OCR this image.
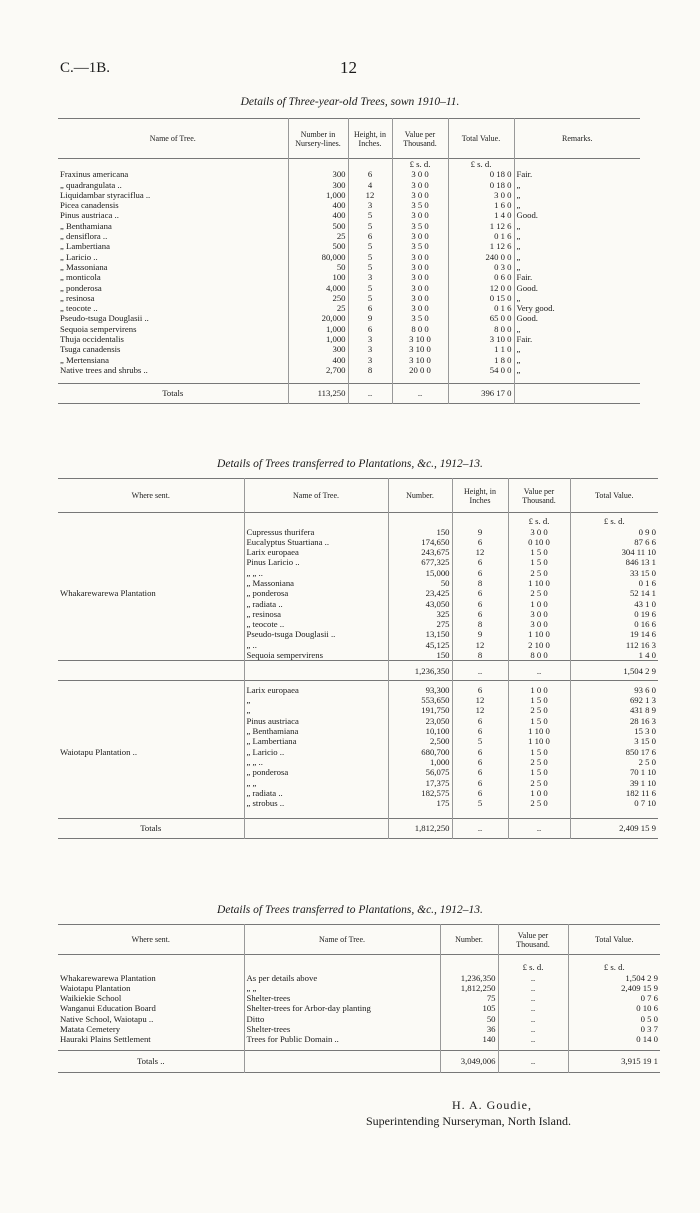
C.—1B.	12
Details of Three-year-old Trees, sown 1910–11.
Name of Tree.	Number in Nursery-lines.	Height, in Inches.	Value per Thousand.	Total Value.	Remarks.
			£ s. d.	£ s. d.	
Fraxinus americana	300	6	3 0 0	0 18 0	Fair.
„ quadrangulata ..	300	4	3 0 0	0 18 0	„
Liquidambar styraciflua ..	1,000	12	3 0 0	3 0 0	„
Picea canadensis	400	3	3 5 0	1 6 0	„
Pinus austriaca ..	400	5	3 0 0	1 4 0	Good.
„ Benthamiana	500	5	3 5 0	1 12 6	„
„ densiflora ..	25	6	3 0 0	0 1 6	„
„ Lambertiana	500	5	3 5 0	1 12 6	„
„ Laricio ..	80,000	5	3 0 0	240 0 0	„
„ Massoniana	50	5	3 0 0	0 3 0	„
„ monticola	100	3	3 0 0	0 6 0	Fair.
„ ponderosa	4,000	5	3 0 0	12 0 0	Good.
„ resinosa	250	5	3 0 0	0 15 0	„
„ teocote ..	25	6	3 0 0	0 1 6	Very good.
Pseudo-tsuga Douglasii ..	20,000	9	3 5 0	65 0 0	Good.
Sequoia sempervirens	1,000	6	8 0 0	8 0 0	„
Thuja occidentalis	1,000	3	3 10 0	3 10 0	Fair.
Tsuga canadensis	300	3	3 10 0	1 1 0	„
„ Mertensiana	400	3	3 10 0	1 8 0	„
Native trees and shrubs ..	2,700	8	20 0 0	54 0 0	„

Totals	113,250	..	..	396 17 0	
Details of Trees transferred to Plantations, &c., 1912–13.
Where sent.	Name of Tree.	Number.	Height, in Inches	Value per Thousand.	Total Value.
				£ s. d.	£ s. d.
	Cupressus thurifera	150	9	3 0 0	0 9 0
	Eucalyptus Stuartiana ..	174,650	6	0 10 0	87 6 6
	Larix europaea	243,675	12	1 5 0	304 11 10
	Pinus Laricio ..	677,325	6	1 5 0	846 13 1
	„ „ ..	15,000	6	2 5 0	33 15 0
	„ Massoniana	50	8	1 10 0	0 1 6
Whakarewarewa Plantation	„ ponderosa	23,425	6	2 5 0	52 14 1
	„ radiata ..	43,050	6	1 0 0	43 1 0
	„ resinosa	325	6	3 0 0	0 19 6
	„ teocote ..	275	8	3 0 0	0 16 6
	Pseudo-tsuga Douglasii ..	13,150	9	1 10 0	19 14 6
	„ ..	45,125	12	2 10 0	112 16 3
	Sequoia sempervirens	150	8	8 0 0	1 4 0
		1,236,350	..	..	1,504 2 9

	Larix europaea	93,300	6	1 0 0	93 6 0
	„	553,650	12	1 5 0	692 1 3
	„	191,750	12	2 5 0	431 8 9
	Pinus austriaca	23,050	6	1 5 0	28 16 3
	„ Benthamiana	10,100	6	1 10 0	15 3 0
	„ Lambertiana	2,500	5	1 10 0	3 15 0
Waiotapu Plantation ..	„ Laricio ..	680,700	6	1 5 0	850 17 6
	„ „ ..	1,000	6	2 5 0	2 5 0
	„ ponderosa	56,075	6	1 5 0	70 1 10
	„ „	17,375	6	2 5 0	39 1 10
	„ radiata ..	182,575	6	1 0 0	182 11 6
	„ strobus ..	175	5	2 5 0	0 7 10

Totals		1,812,250	..	..	2,409 15 9
Details of Trees transferred to Plantations, &c., 1912–13.
Where sent.	Name of Tree.	Number.	Value per Thousand.	Total Value.
			£ s. d.	£ s. d.
Whakarewarewa Plantation	As per details above	1,236,350	..	1,504 2 9
Waiotapu Plantation	„ „	1,812,250	..	2,409 15 9
Waikiekie School	Shelter-trees	75	..	0 7 6
Wanganui Education Board	Shelter-trees for Arbor-day planting	105	..	0 10 6
Native School, Waiotapu ..	Ditto	50	..	0 5 0
Matata Cemetery	Shelter-trees	36	..	0 3 7
Hauraki Plains Settlement	Trees for Public Domain ..	140	..	0 14 0

Totals ..		3,049,006	..	3,915 19 1
H. A. Goudie,
Superintending Nurseryman, North Island.
